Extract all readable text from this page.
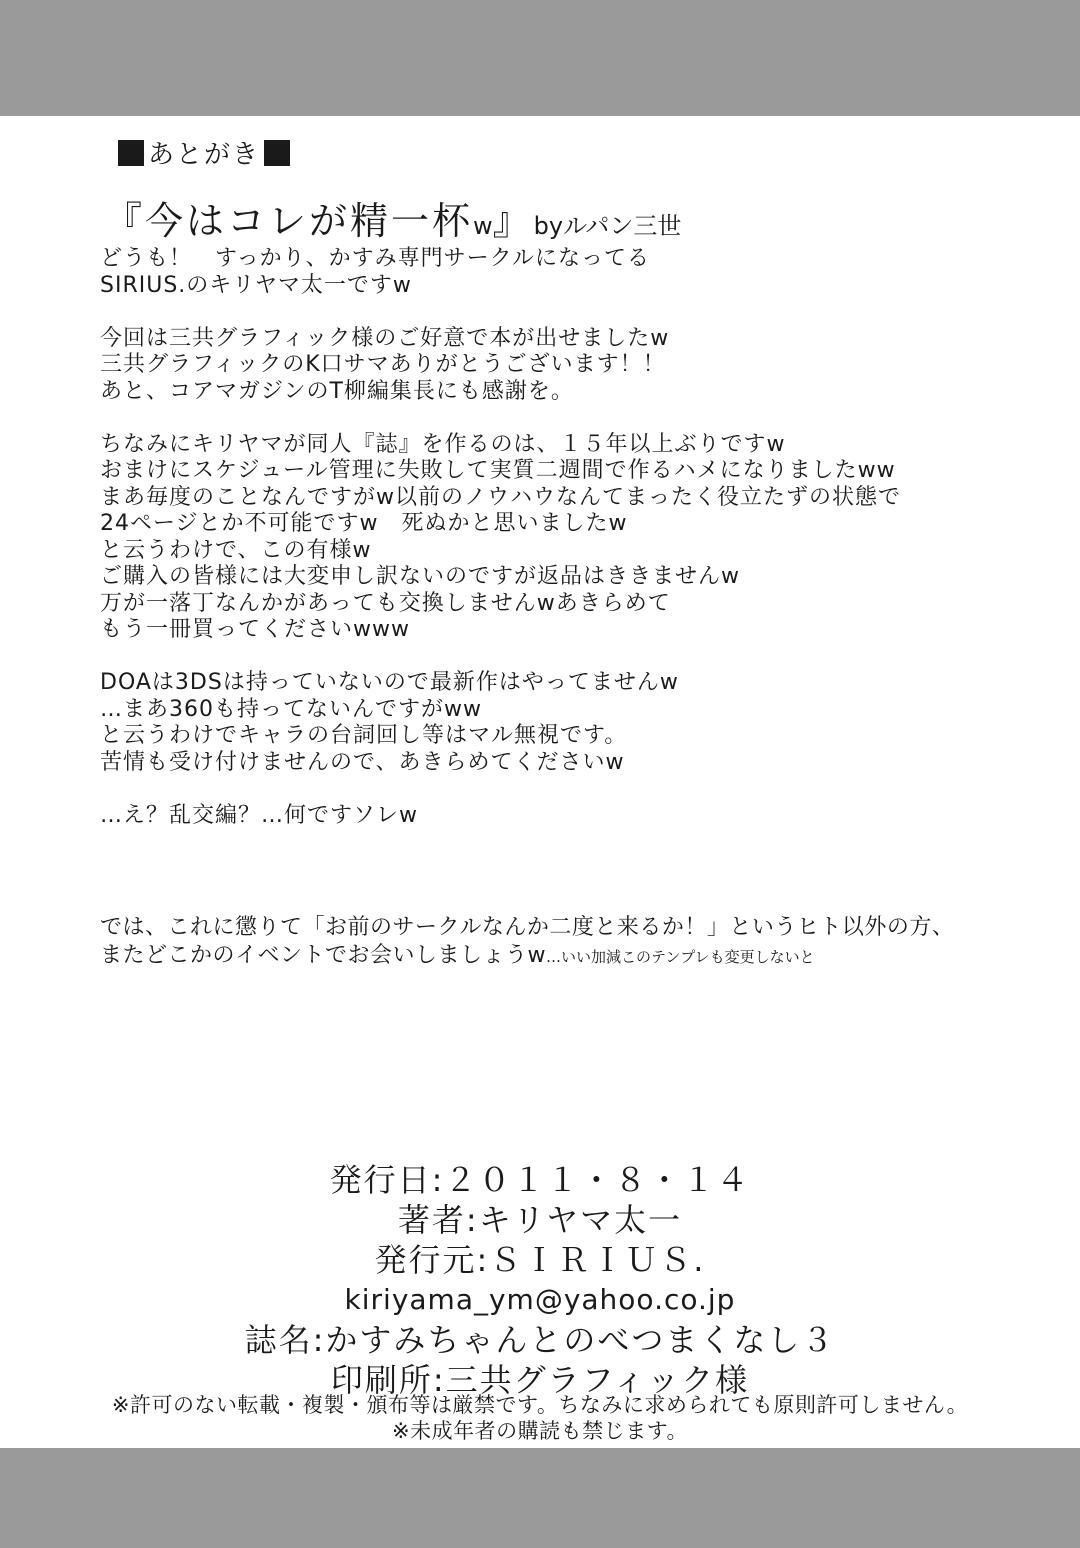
あとがき
『今はコレが精一杯w』byルパン三世

どうも！　すっかり、かすみ専門サークルになってる

SIRIUS.のキリヤマ太一ですw

今回は三共グラフィック様のご好意で本が出せましたw

三共グラフィックのK口サマありがとうございます！！

あと、コアマガジンのT柳編集長にも感謝を。

ちなみにキリヤマが同人『誌』を作るのは、１５年以上ぶりですw

おまけにスケジュール管理に失敗して実質二週間で作るハメになりましたww

まあ毎度のことなんですがw以前のノウハウなんてまったく役立たずの状態で

24ページとか不可能ですw　死ぬかと思いましたw

と云うわけで、この有様w

ご購入の皆様には大変申し訳ないのですが返品はききませんw

万が一落丁なんかがあっても交換しませんwあきらめて

もう一冊買ってくださいwww

DOAは3DSは持っていないので最新作はやってませんw

…まあ360も持ってないんですがww

と云うわけでキャラの台詞回し等はマル無視です。

苦情も受け付けませんので、あきらめてくださいw

…え？乱交編？…何ですソレw

では、これに懲りて「お前のサークルなんか二度と来るか！」というヒト以外の方、

またどこかのイベントでお会いしましょうw…いい加減このテンプレも変更しないと

発行日:２０１１・８・１４

著者:キリヤマ太一

発行元:ＳＩＲＩＵＳ.

kiriyama_ym@yahoo.co.jp

誌名:かすみちゃんとのべつまくなし３

印刷所:三共グラフィック様

※許可のない転載・複製・頒布等は厳禁です。ちなみに求められても原則許可しません。

※未成年者の購読も禁じます。
